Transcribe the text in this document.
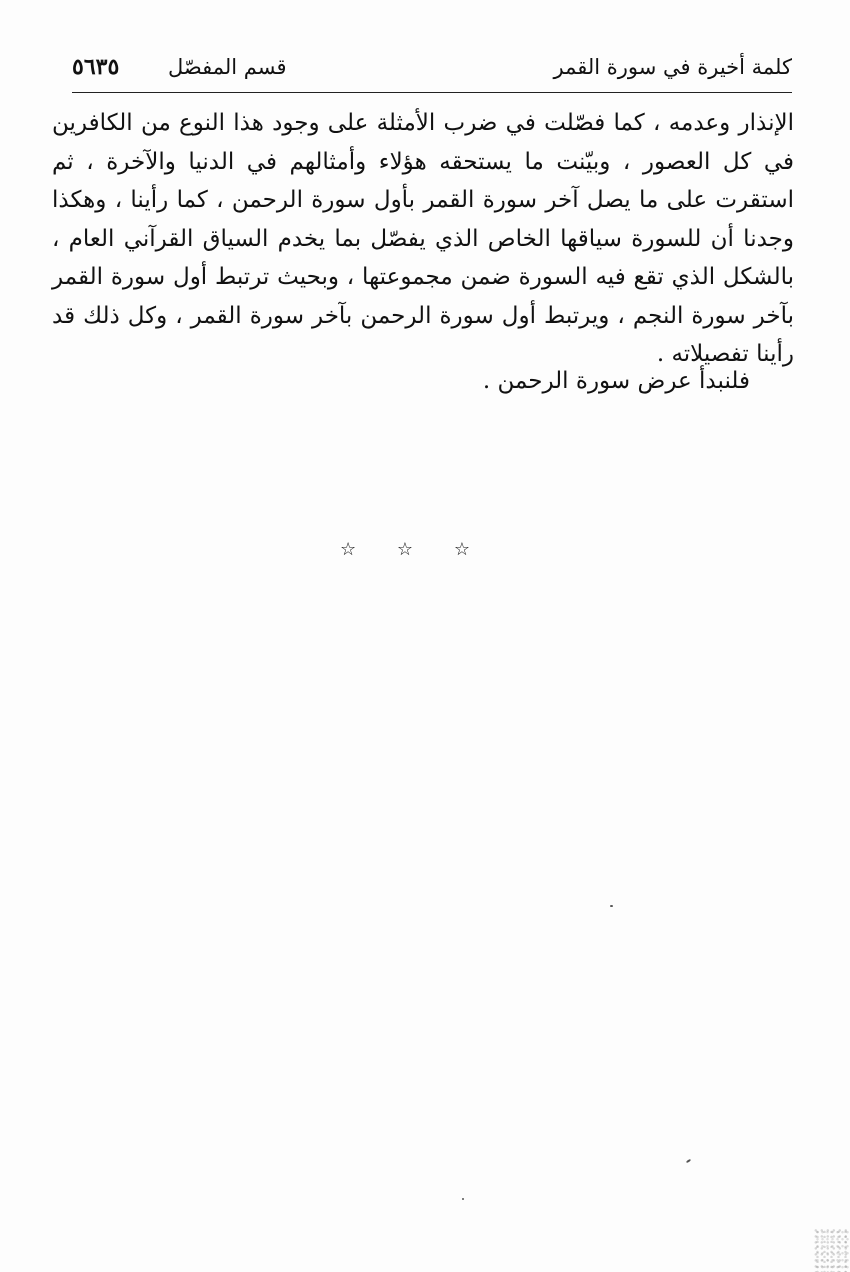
كلمة أخيرة في سورة القمر
قسم المفصّل
٥٦٣٥

الإنذار وعدمه ، كما فصّلت في ضرب الأمثلة على وجود هذا النوع من الكافرين في كل العصور ، وبيّنت ما يستحقه هؤلاء وأمثالهم في الدنيا والآخرة ، ثم استقرت على ما يصل آخر سورة القمر بأول سورة الرحمن ، كما رأينا ، وهكذا وجدنا أن للسورة سياقها الخاص الذي يفصّل بما يخدم السياق القرآني العام ، بالشكل الذي تقع فيه السورة ضمن مجموعتها ، وبحيث ترتبط أول سورة القمر بآخر سورة النجم ، ويرتبط أول سورة الرحمن بآخر سورة القمر ، وكل ذلك قد رأينا تفصيلاته .

فلنبدأ عرض سورة الرحمن .

☆ ☆ ☆
